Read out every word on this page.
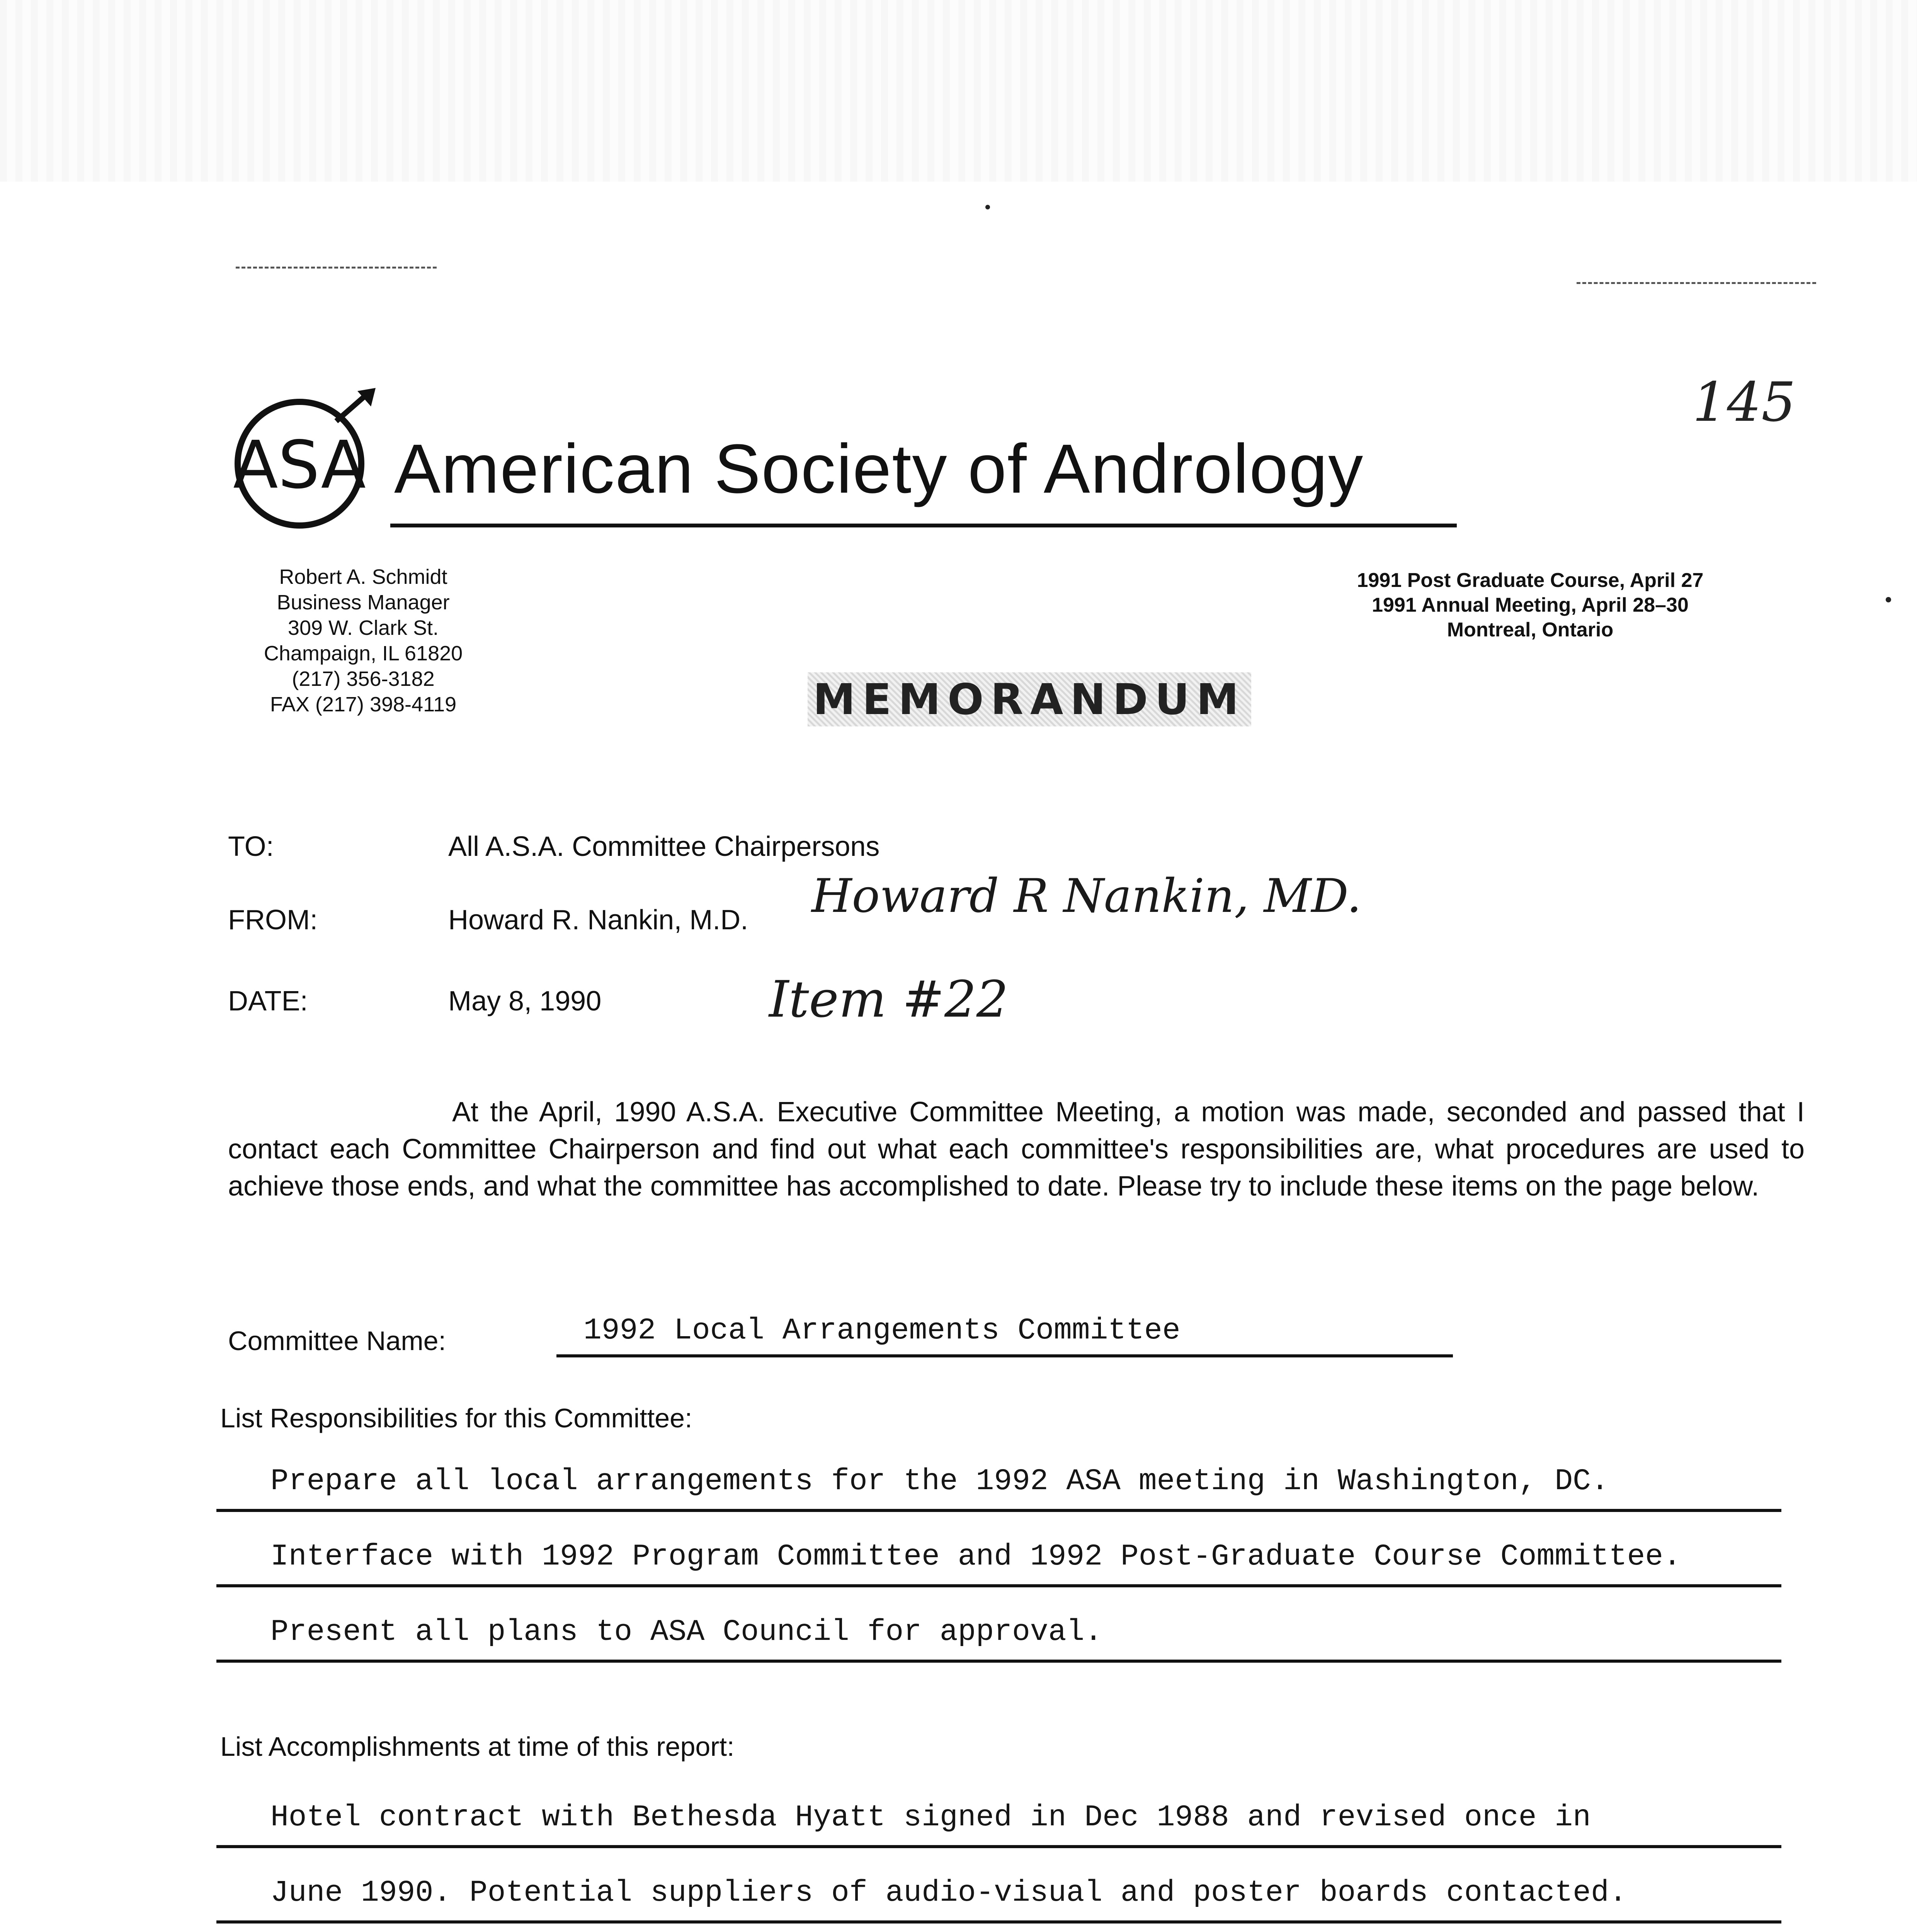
145
ASA American Society of Andrology
Robert A. Schmidt
Business Manager
309 W. Clark St.
Champaign, IL 61820
(217) 356-3182
FAX (217) 398-4119
1991 Post Graduate Course, April 27
1991 Annual Meeting, April 28–30
Montreal, Ontario
MEMORANDUM
TO:	All A.S.A. Committee Chairpersons
FROM:	Howard R. Nankin, M.D. Howard R Nankin, MD.
DATE:	May 8, 1990	Item #22
At the April, 1990 A.S.A. Executive Committee Meeting, a motion was made, seconded and passed that I contact each Committee Chairperson and find out what each committee's responsibilities are, what procedures are used to achieve those ends, and what the committee has accomplished to date. Please try to include these items on the page below.
Committee Name:	1992 Local Arrangements Committee
List Responsibilities for this Committee:
Prepare all local arrangements for the 1992 ASA meeting in Washington, DC.
Interface with 1992 Program Committee and 1992 Post-Graduate Course Committee.
Present all plans to ASA Council for approval.
List Accomplishments at time of this report:
Hotel contract with Bethesda Hyatt signed in Dec 1988 and revised once in
June 1990. Potential suppliers of audio-visual and poster boards contacted.
